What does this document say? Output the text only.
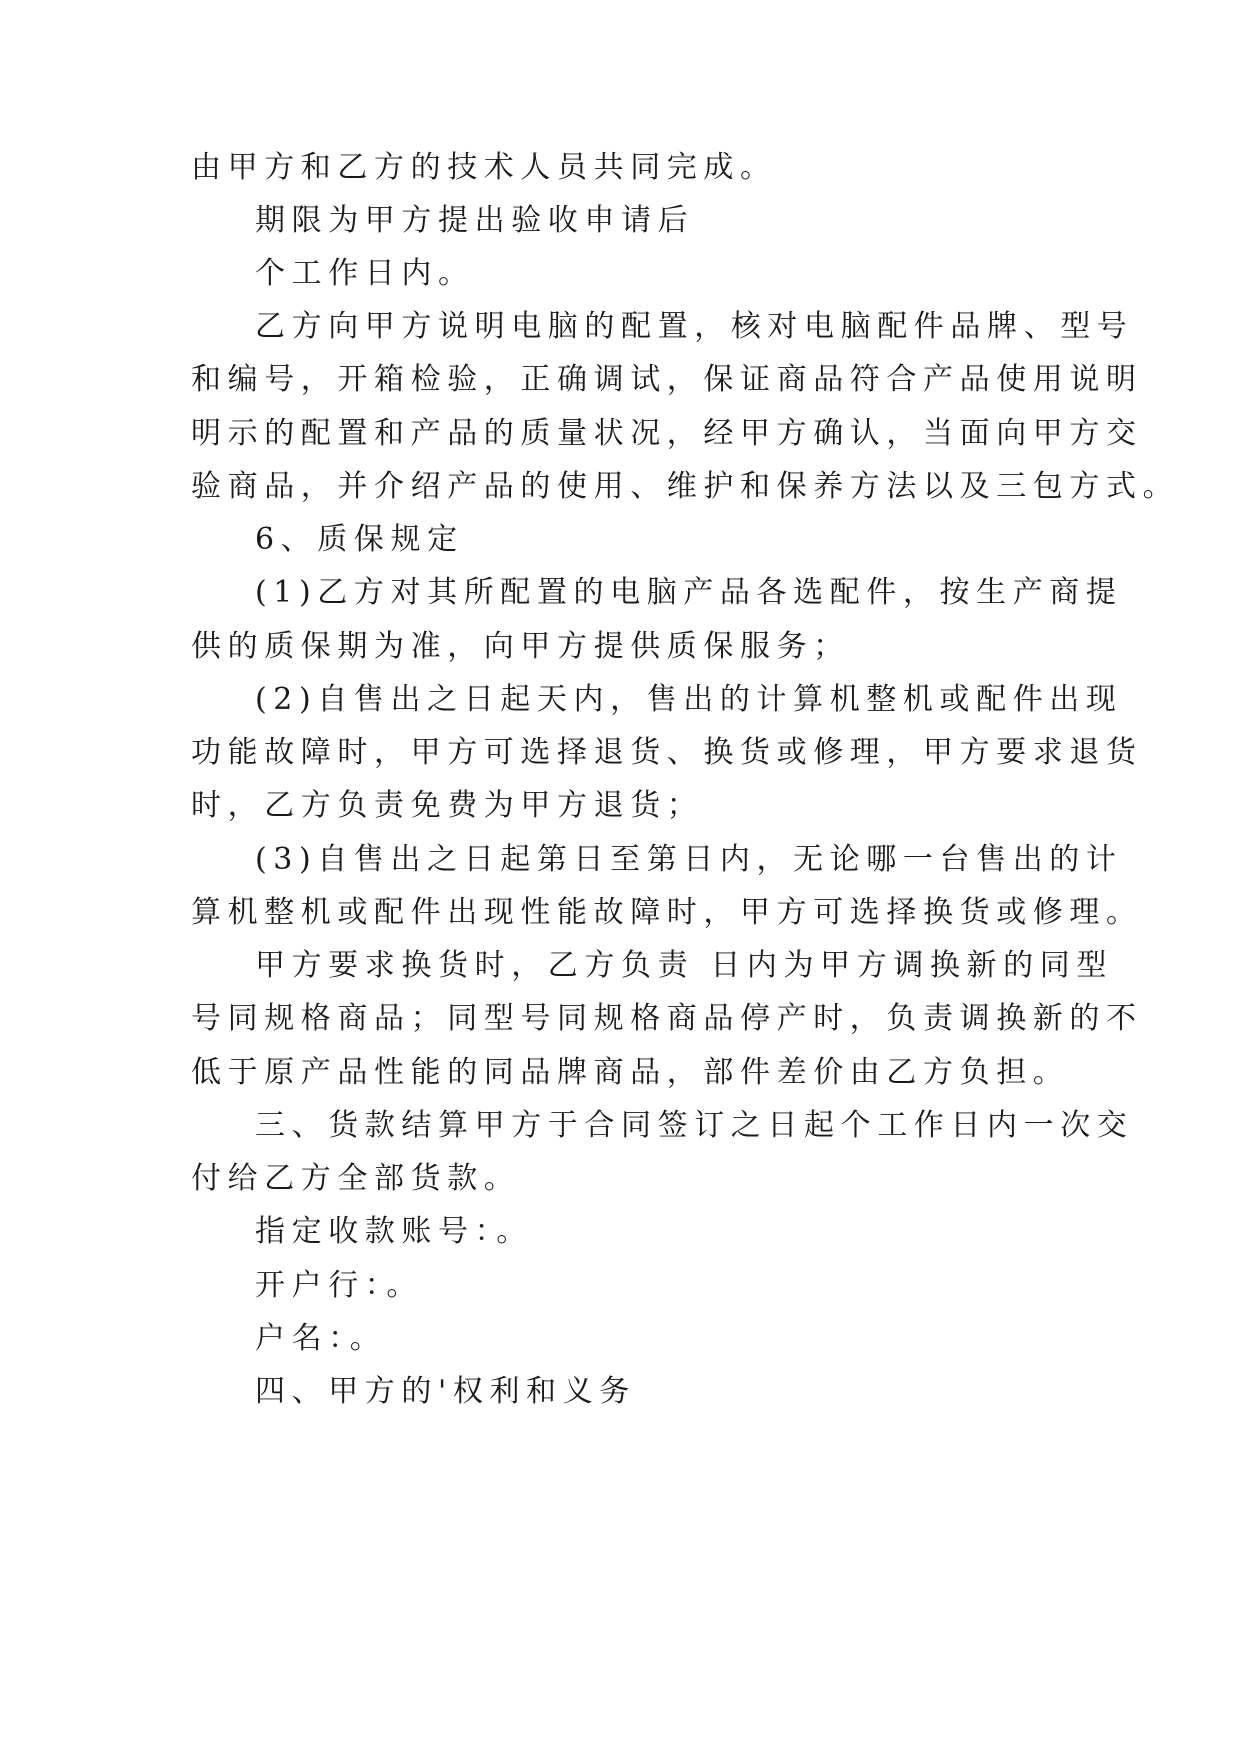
由甲方和乙方的技术人员共同完成。
期限为甲方提出验收申请后
个工作日内。
乙方向甲方说明电脑的配置，核对电脑配件品牌、型号
和编号，开箱检验，正确调试，保证商品符合产品使用说明
明示的配置和产品的质量状况，经甲方确认，当面向甲方交
验商品，并介绍产品的使用、维护和保养方法以及三包方式。
6、质保规定
(1)乙方对其所配置的电脑产品各选配件，按生产商提
供的质保期为准，向甲方提供质保服务；
(2)自售出之日起天内，售出的计算机整机或配件出现
功能故障时，甲方可选择退货、换货或修理，甲方要求退货
时，乙方负责免费为甲方退货；
(3)自售出之日起第日至第日内，无论哪一台售出的计
算机整机或配件出现性能故障时，甲方可选择换货或修理。
甲方要求换货时，乙方负责 日内为甲方调换新的同型
号同规格商品；同型号同规格商品停产时，负责调换新的不
低于原产品性能的同品牌商品，部件差价由乙方负担。
三、货款结算甲方于合同签订之日起个工作日内一次交
付给乙方全部货款。
指定收款账号：。
开户行：。
户名：。
四、甲方的'权利和义务
